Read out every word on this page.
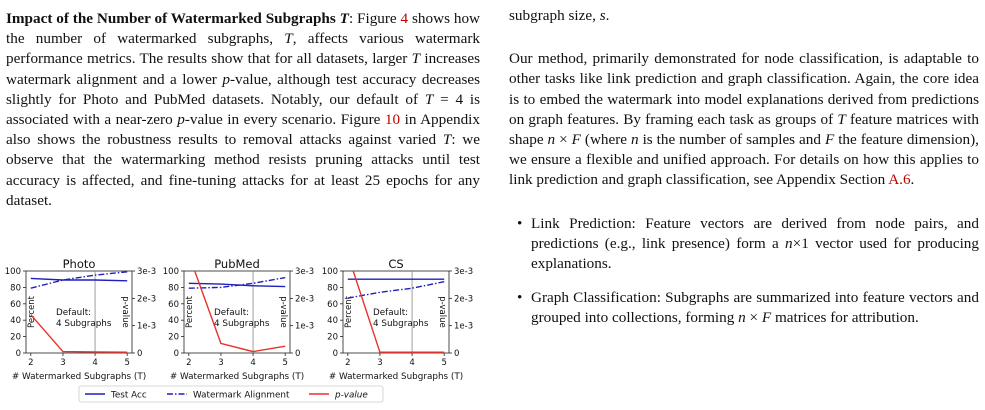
Impact of the Number of Watermarked Subgraphs T: Figure 4 shows how the number of watermarked subgraphs, T, affects various watermark performance metrics. The results show that for all datasets, larger T increases watermark alignment and a lower p-value, although test accuracy decreases slightly for Photo and PubMed datasets. Notably, our default of T = 4 is associated with a near-zero p-value in every scenario. Figure 10 in Appendix also shows the robustness results to removal attacks against varied T: we observe that the watermarking method resists pruning attacks until test accuracy is affected, and fine-tuning attacks for at least 25 epochs for any dataset.

Photo
0
20
40
60
80
100
0
1e-3
2e-3
3e-3
2	3	4	5
Percent	p-value
# Watermarked Subgraphs (T)
Default:
4 Subgraphs
PubMed
0
20
40
60
80
100
0
1e-3
2e-3
3e-3
2	3	4	5
Percent	p-value
# Watermarked Subgraphs (T)
Default:
4 Subgraphs
CS
0
20
40
60
80
100
0
1e-3
2e-3
3e-3
2	3	4	5
Percent	p-value
# Watermarked Subgraphs (T)
Default:
4 Subgraphs
Test Acc	Watermark Alignment	p-value

subgraph size, s.

Our method, primarily demonstrated for node classification, is adaptable to other tasks like link prediction and graph classification. Again, the core idea is to embed the watermark into model explanations derived from predictions on graph features. By framing each task as groups of T feature matrices with shape n × F (where n is the number of samples and F the feature dimension), we ensure a flexible and unified approach. For details on how this applies to link prediction and graph classification, see Appendix Section A.6.

• Link Prediction: Feature vectors are derived from node pairs, and predictions (e.g., link presence) form a n×1 vector used for producing explanations.
• Graph Classification: Subgraphs are summarized into feature vectors and grouped into collections, forming n × F matrices for attribution.
